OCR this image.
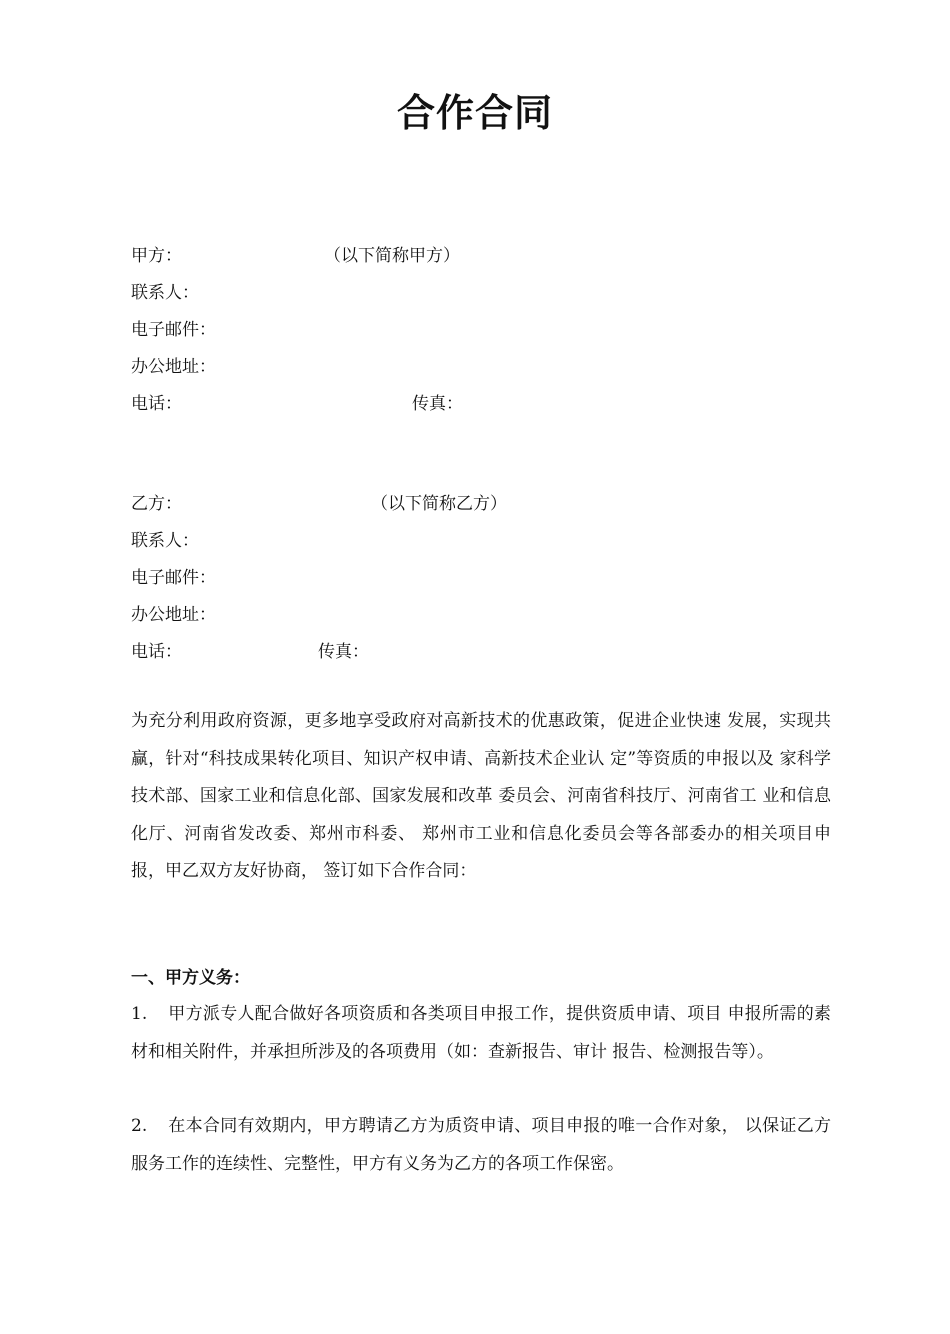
合作合同
甲方：	（以下简称甲方）
联系人：
电子邮件：
办公地址：
电话：	传真：
乙方：	（以下简称乙方）
联系人：
电子邮件：
办公地址：
电话：	传真：
为充分利用政府资源，更多地享受政府对高新技术的优惠政策，促进企业快速 发展，实现共赢，针对“科技成果转化项目、知识产权申请、高新技术企业认 定”等资质的申报以及 家科学技术部、国家工业和信息化部、国家发展和改革 委员会、河南省科技厅、河南省工 业和信息化厅、河南省发改委、郑州市科委、 郑州市工业和信息化委员会等各部委办的相关项目申报，甲乙双方友好协商， 签订如下合作合同：
一、甲方义务：
1. 甲方派专人配合做好各项资质和各类项目申报工作，提供资质申请、项目 申报所需的素材和相关附件，并承担所涉及的各项费用（如：查新报告、审计 报告、检测报告等）。
2. 在本合同有效期内，甲方聘请乙方为质资申请、项目申报的唯一合作对象， 以保证乙方服务工作的连续性、完整性，甲方有义务为乙方的各项工作保密。
